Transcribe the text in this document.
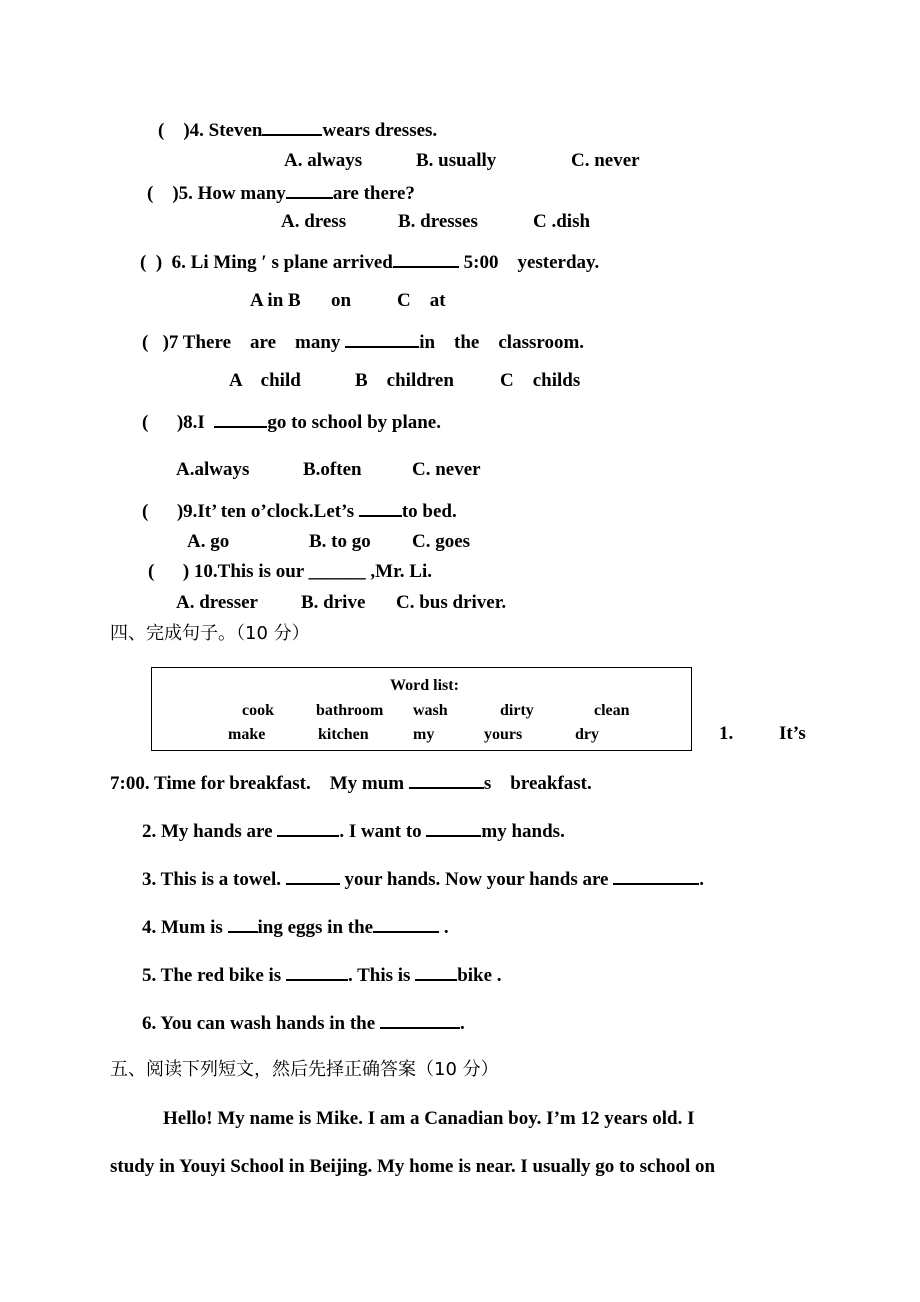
( )4. Steven	wears dresses.
A. always	B. usually	C. never
( )5. How many are there?
A. dress	B. dresses	C .dish
(  ) 6. Li Ming ′ s plane arrived	5:00    yesterday.
A in B on C    at
( )7 There    are    many	in    the    classroom.
A    child	B    children C    childs
( )8.I	go to school by plane.
A.always	B.often	C. never
( )9.It’ ten o’clock.Let’s	to bed.
A. go	B. to go C. goes
( ) 10.This is our ______ ,Mr. Li.
A. dresser B. drive C. bus driver.
四、完成句子。（10 分）
Word list:
cook	bathroom wash	dirty	clean
make	kitchen	my	yours	dry	1. It’s
7:00. Time for breakfast.    My mum	s    breakfast.
2. My hands are	. I want to	my hands.
3. This is a towel.	your hands. Now your hands are	.
4. Mum is ing eggs in the	.
5. The red bike is	. This is bike .
6. You can wash hands in the	.
五、阅读下列短文，然后先择正确答案（10 分）
Hello! My name is Mike. I am a Canadian boy. I’m 12 years old. I
study in Youyi School in Beijing. My home is near. I usually go to school on
